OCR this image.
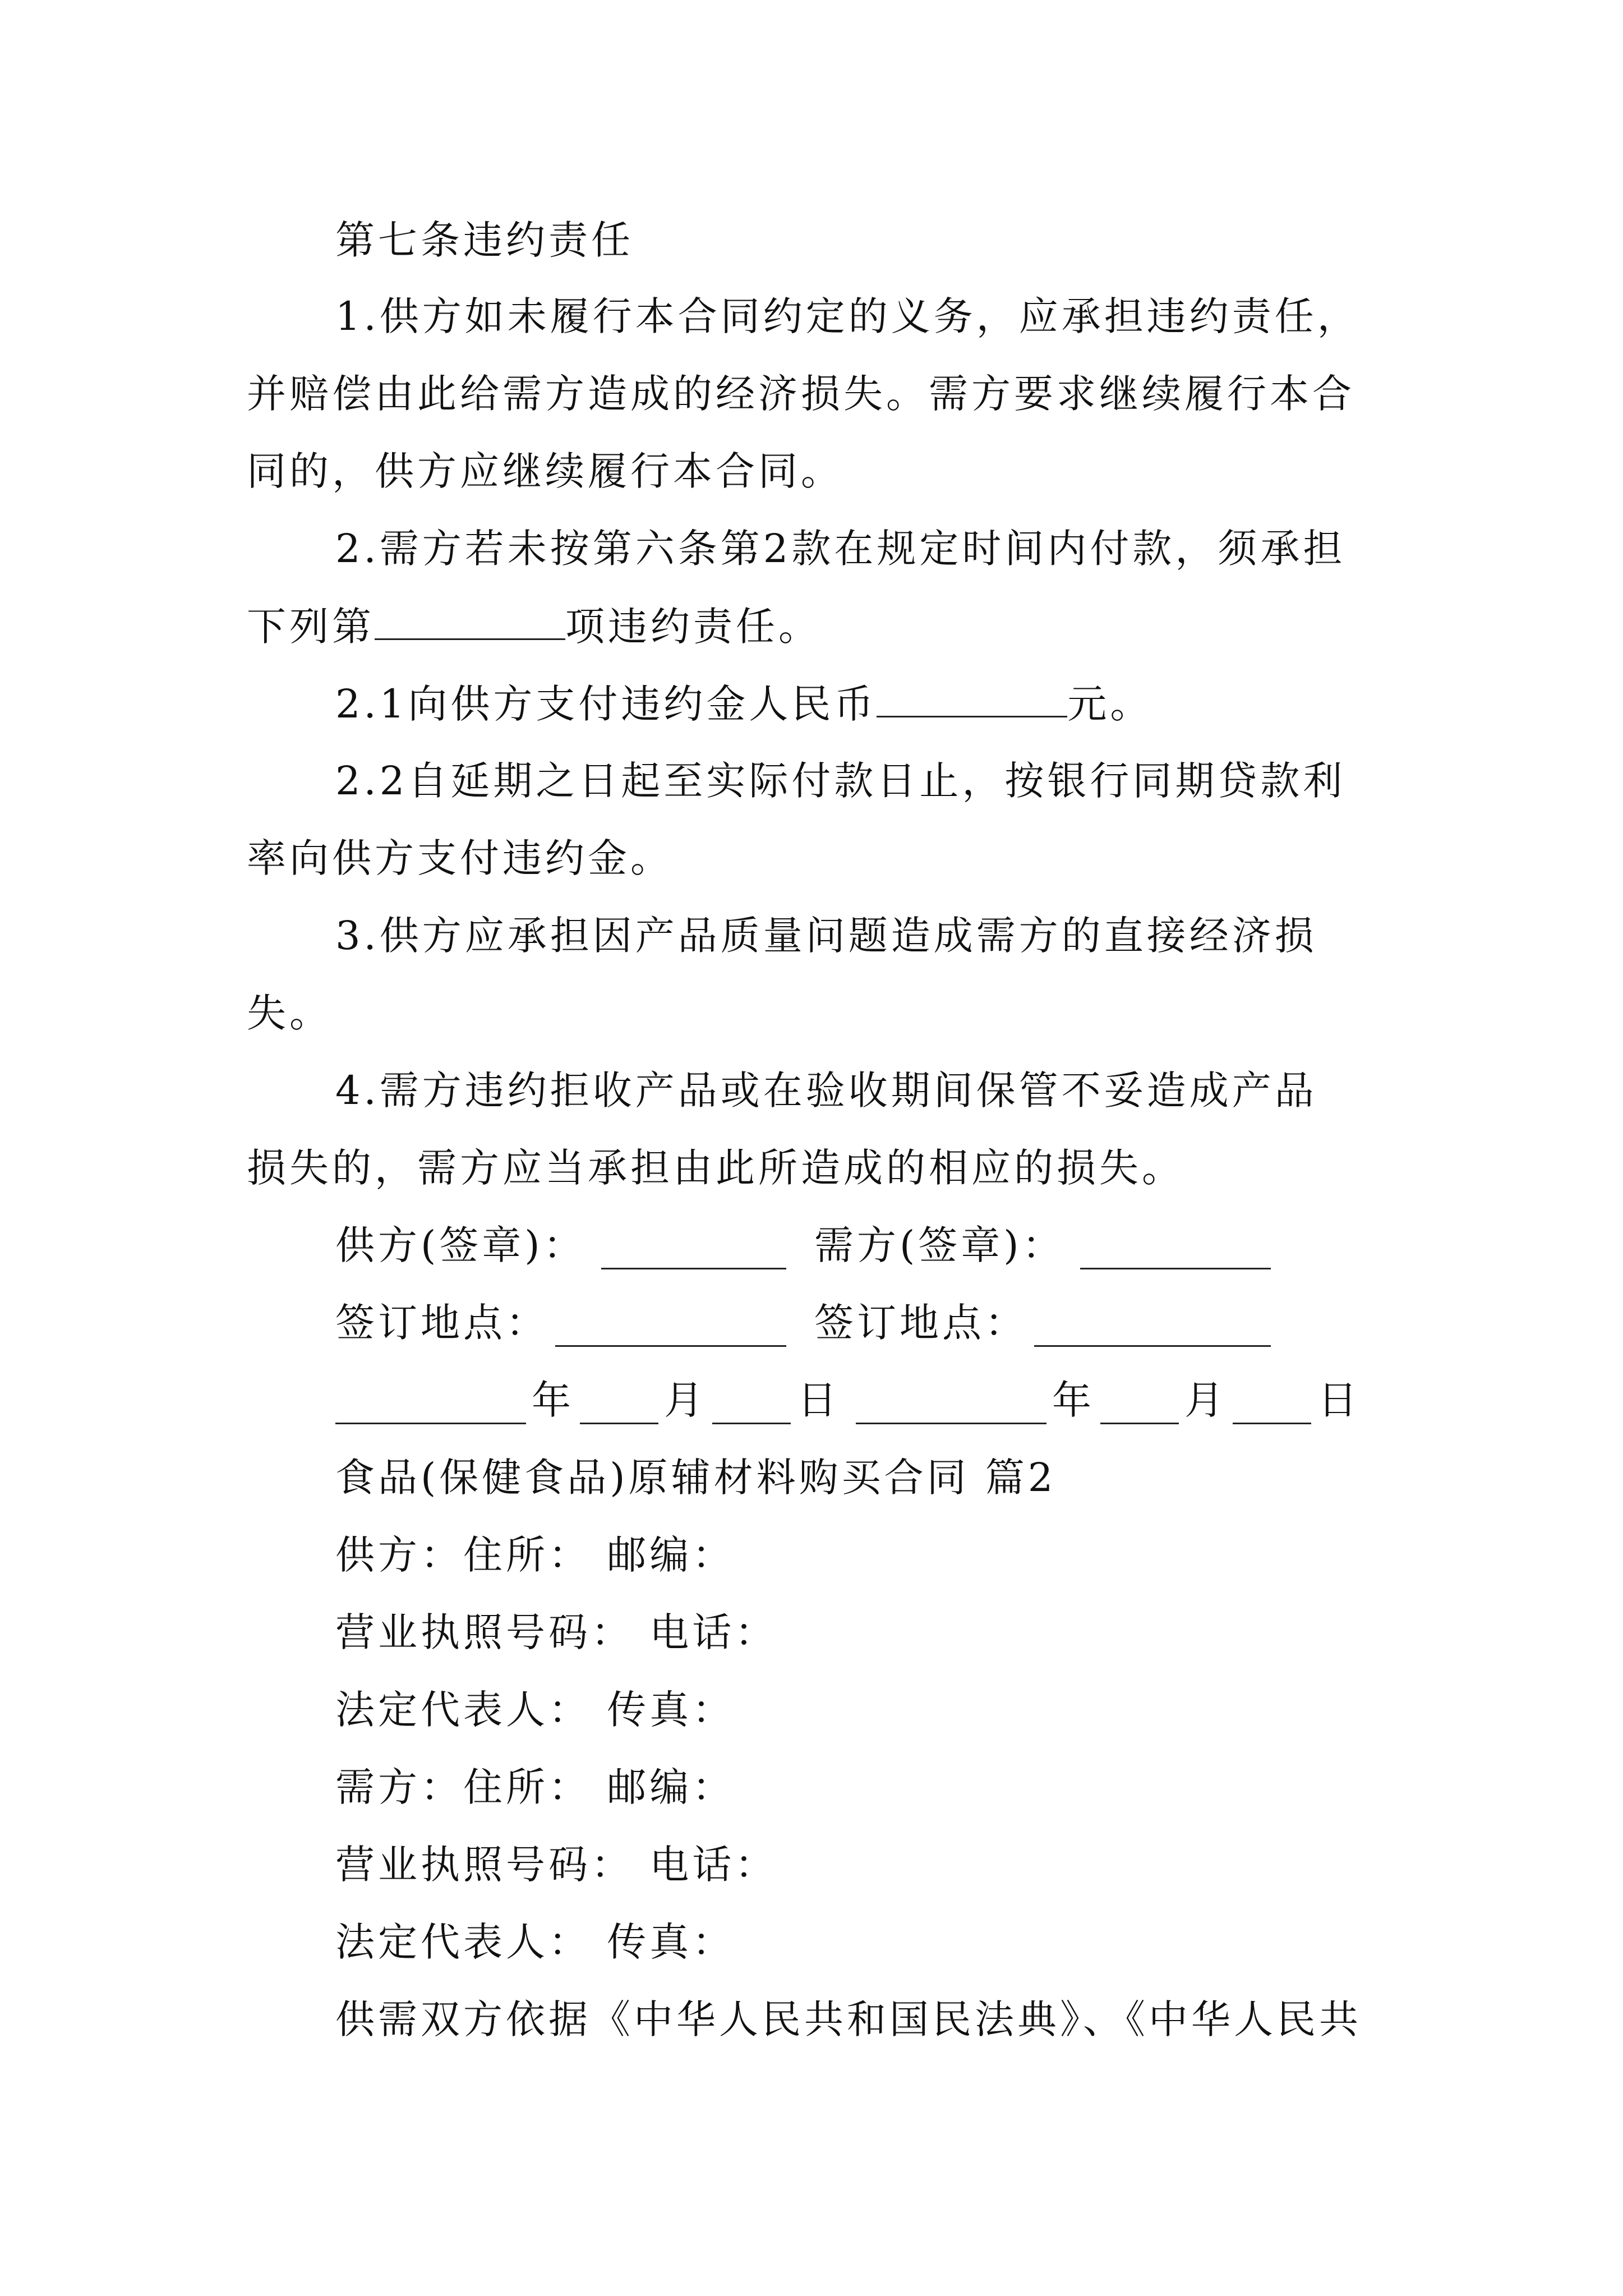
第七条违约责任
1.供方如未履行本合同约定的义务，应承担违约责任，
并赔偿由此给需方造成的经济损失。需方要求继续履行本合
同的，供方应继续履行本合同。
2.需方若未按第六条第2款在规定时间内付款，须承担
下列第	项违约责任。
2.1向供方支付违约金人民币	元。
2.2自延期之日起至实际付款日止，按银行同期贷款利
率向供方支付违约金。
3.供方应承担因产品质量问题造成需方的直接经济损
失。
4.需方违约拒收产品或在验收期间保管不妥造成产品
损失的，需方应当承担由此所造成的相应的损失。
供方(签章)：	需方(签章)：
签订地点：	签订地点：
年 月 日	年 月 日
食品(保健食品)原辅材料购买合同 篇2
供方：住所： 邮编：
营业执照号码： 电话：
法定代表人： 传真：
需方：住所： 邮编：
营业执照号码： 电话：
法定代表人： 传真：
供需双方依据《中华人民共和国民法典》、《中华人民共
